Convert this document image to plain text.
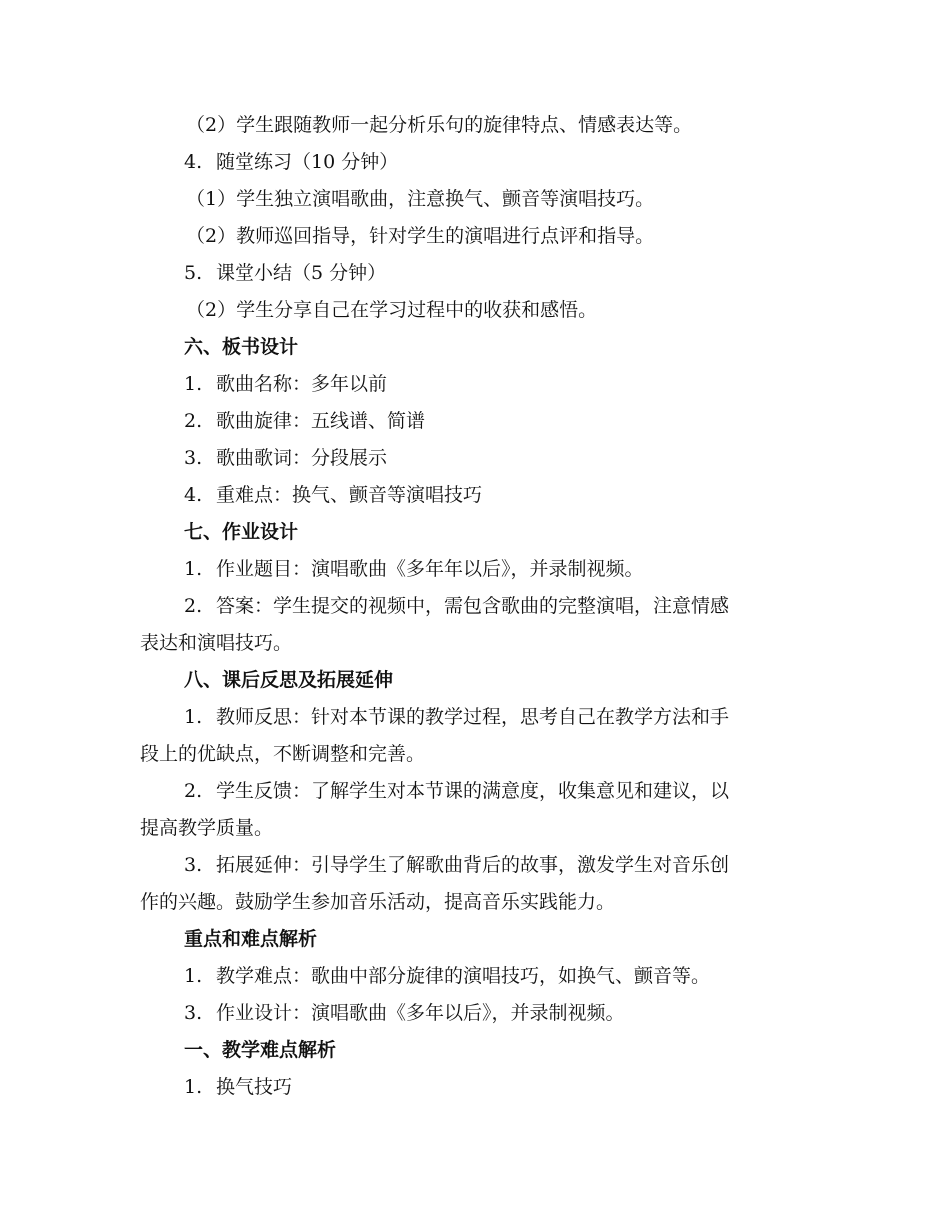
（2）学生跟随教师一起分析乐句的旋律特点、情感表达等。
4. 随堂练习（10 分钟）
（1）学生独立演唱歌曲，注意换气、颤音等演唱技巧。
（2）教师巡回指导，针对学生的演唱进行点评和指导。
5. 课堂小结（5 分钟）
（2）学生分享自己在学习过程中的收获和感悟。
六、板书设计
1. 歌曲名称：多年以前
2. 歌曲旋律：五线谱、简谱
3. 歌曲歌词：分段展示
4. 重难点：换气、颤音等演唱技巧
七、作业设计
1. 作业题目：演唱歌曲《多年年以后》，并录制视频。
2. 答案：学生提交的视频中，需包含歌曲的完整演唱，注意情感
表达和演唱技巧。
八、课后反思及拓展延伸
1. 教师反思：针对本节课的教学过程，思考自己在教学方法和手
段上的优缺点，不断调整和完善。
2. 学生反馈：了解学生对本节课的满意度，收集意见和建议，以
提高教学质量。
3. 拓展延伸：引导学生了解歌曲背后的故事，激发学生对音乐创
作的兴趣。鼓励学生参加音乐活动，提高音乐实践能力。
重点和难点解析
1. 教学难点：歌曲中部分旋律的演唱技巧，如换气、颤音等。
3. 作业设计：演唱歌曲《多年以后》，并录制视频。
一、教学难点解析
1. 换气技巧
